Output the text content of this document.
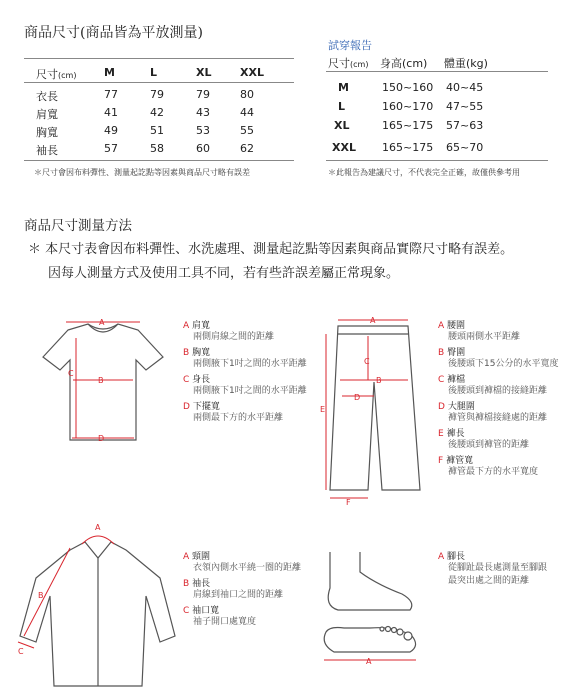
商品尺寸(商品皆為平放測量)
尺寸(cm)	M	L	XL	XXL
衣長	77	79	79	80
肩寬	41	42	43	44
胸寬	49	51	53	55
袖長	57	58	60	62
＊尺寸會因布料彈性、測量起訖點等因素與商品尺寸略有誤差
試穿報告
尺寸(cm) 身高(cm) 體重(kg)
M	150~160 40~45
L	160~170 47~55
XL	165~175 57~63
XXL 165~175 65~70
＊此報告為建議尺寸，不代表完全正確，故僅供參考用
商品尺寸測量方法
＊ 本尺寸表會因布料彈性、水洗處理、測量起訖點等因素與商品實際尺寸略有誤差。
因每人測量方式及使用工具不同，若有些許誤差屬正常現象。
A
B
C
D
A 肩寬
兩側肩線之間的距離
B 胸寬
兩側腋下1吋之間的水平距離
C 身長
兩側腋下1吋之間的水平距離
D 下擺寬
兩側最下方的水平距離
A
B
C
D
E
F
A 腰圍
腰頭兩側水平距離
B 臀圍
後腰頭下15公分的水平寬度
C 褲檔
後腰頭到褲檔的接縫距離
D 大腿圍
褲管與褲檔接縫處的距離
E 褲長
後腰頭到褲管的距離
F 褲管寬
褲管最下方的水平寬度
A
B
C
A 頸圍
衣領內側水平繞一圈的距離
B 袖長
肩線到袖口之間的距離
C 袖口寬
袖子開口處寬度
A
A 腳長
從腳趾最長處測量至腳跟
最突出處之間的距離
